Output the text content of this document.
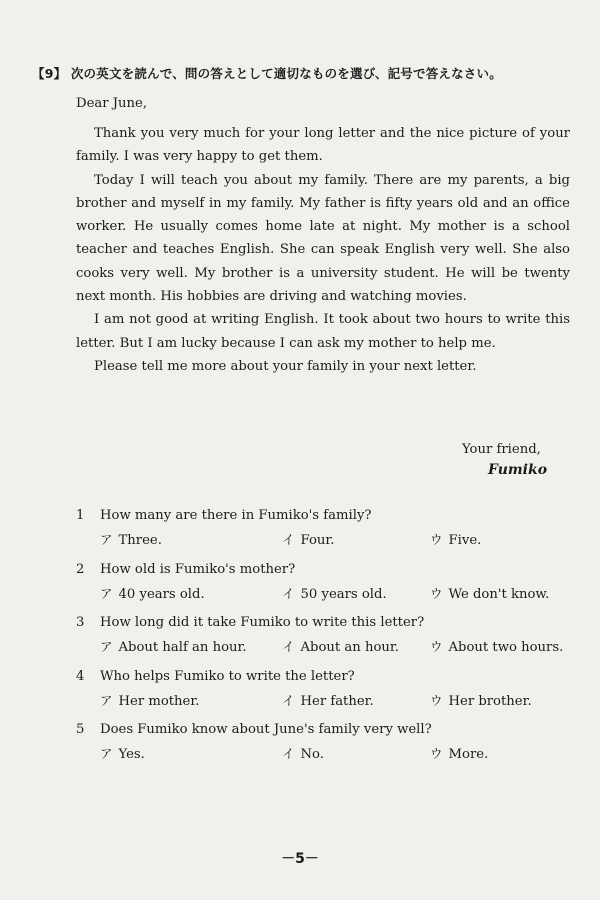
【9】 次の英文を読んで、問の答えとして適切なものを選び、記号で答えなさい。

Dear June,

Thank you very much for your long letter and the nice picture of your family. I was very happy to get them.

Today I will teach you about my family. There are my parents, a big brother and myself in my family. My father is fifty years old and an office worker. He usually comes home late at night. My mother is a school teacher and teaches English. She can speak English very well. She also cooks very well. My brother is a university student. He will be twenty next month. His hobbies are driving and watching movies.

I am not good at writing English. It took about two hours to write this letter. But I am lucky because I can ask my mother to help me.

Please tell me more about your family in your next letter.

Your friend,
Fumiko
1 How many are there in Fumiko's family?
ア Three.	イ Four.	ウ Five.
2 How old is Fumiko's mother?
ア 40 years old.	イ 50 years old.	ウ We don't know.
3 How long did it take Fumiko to write this letter?
ア About half an hour.	イ About an hour. ウ About two hours.
4 Who helps Fumiko to write the letter?
ア Her mother.	イ Her father.	ウ Her brother.
5 Does Fumiko know about June's family very well?
ア Yes.	イ No.	ウ More.
－5－
